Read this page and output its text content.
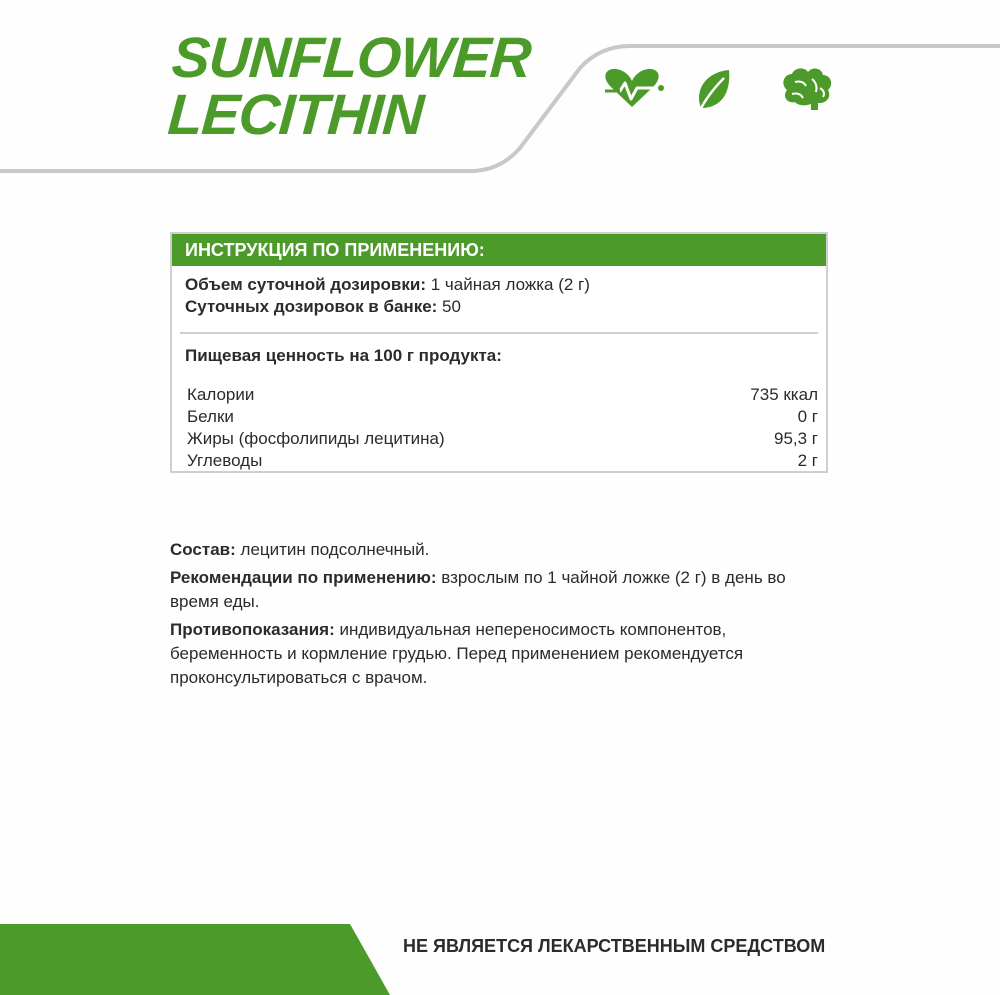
SUNFLOWER
LECITHIN
ИНСТРУКЦИЯ ПО ПРИМЕНЕНИЮ:
Объем суточной дозировки: 1 чайная ложка (2 г)
Суточных дозировок в банке: 50
Пищевая ценность на 100 г продукта:
Калории	735 ккал
Белки	0 г
Жиры (фосфолипиды лецитина)	95,3 г
Углеводы	2 г

Состав: лецитин подсолнечный.

Рекомендации по применению: взрослым по 1 чайной ложке (2 г) в день во время еды.

Противопоказания: индивидуальная непереносимость компонентов, беременность и кормление грудью. Перед применением рекомендуется проконсультироваться с врачом.

НЕ ЯВЛЯЕТСЯ ЛЕКАРСТВЕННЫМ СРЕДСТВОМ
